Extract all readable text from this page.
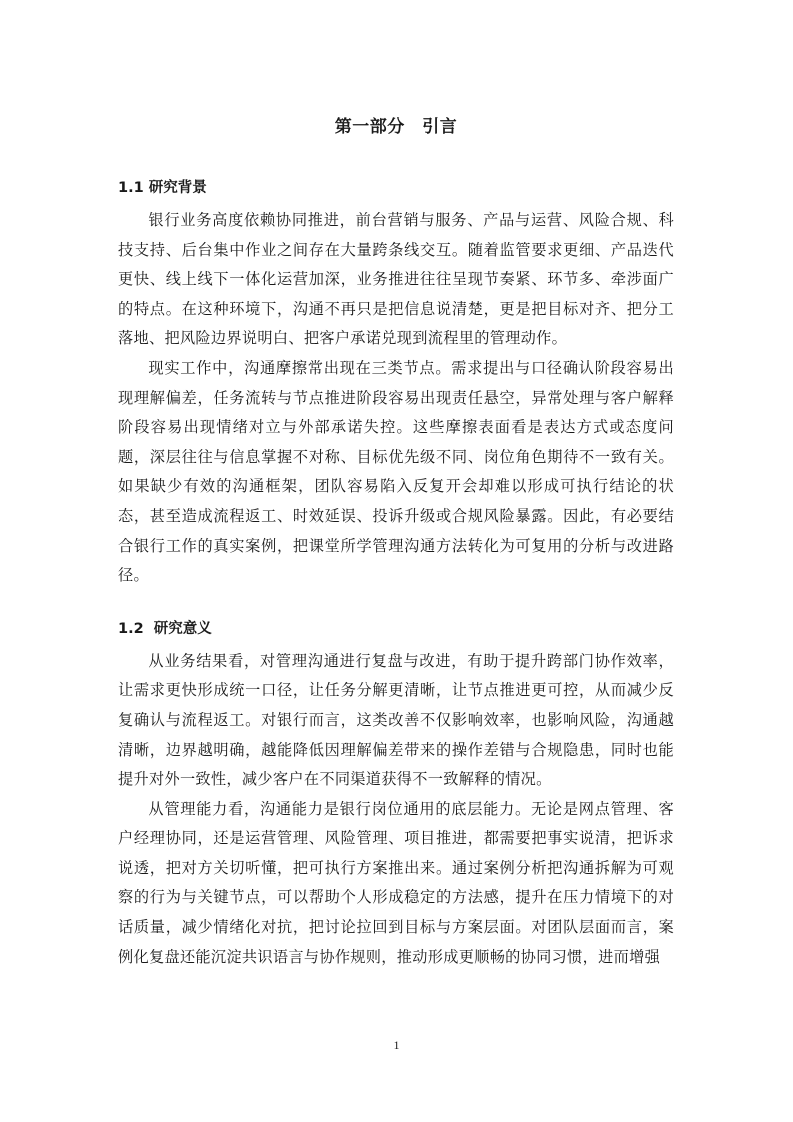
第一部分　引言
1.1 研究背景

银行业务高度依赖协同推进，前台营销与服务、产品与运营、风险合规、科技支持、后台集中作业之间存在大量跨条线交互。随着监管要求更细、产品迭代更快、线上线下一体化运营加深，业务推进往往呈现节奏紧、环节多、牵涉面广的特点。在这种环境下，沟通不再只是把信息说清楚，更是把目标对齐、把分工落地、把风险边界说明白、把客户承诺兑现到流程里的管理动作。

现实工作中，沟通摩擦常出现在三类节点。需求提出与口径确认阶段容易出现理解偏差，任务流转与节点推进阶段容易出现责任悬空，异常处理与客户解释阶段容易出现情绪对立与外部承诺失控。这些摩擦表面看是表达方式或态度问题，深层往往与信息掌握不对称、目标优先级不同、岗位角色期待不一致有关。如果缺少有效的沟通框架，团队容易陷入反复开会却难以形成可执行结论的状态，甚至造成流程返工、时效延误、投诉升级或合规风险暴露。因此，有必要结合银行工作的真实案例，把课堂所学管理沟通方法转化为可复用的分析与改进路径。

1.2  研究意义

从业务结果看，对管理沟通进行复盘与改进，有助于提升跨部门协作效率，让需求更快形成统一口径，让任务分解更清晰，让节点推进更可控，从而减少反复确认与流程返工。对银行而言，这类改善不仅影响效率，也影响风险，沟通越清晰，边界越明确，越能降低因理解偏差带来的操作差错与合规隐患，同时也能提升对外一致性，减少客户在不同渠道获得不一致解释的情况。

从管理能力看，沟通能力是银行岗位通用的底层能力。无论是网点管理、客户经理协同，还是运营管理、风险管理、项目推进，都需要把事实说清，把诉求说透，把对方关切听懂，把可执行方案推出来。通过案例分析把沟通拆解为可观察的行为与关键节点，可以帮助个人形成稳定的方法感，提升在压力情境下的对话质量，减少情绪化对抗，把讨论拉回到目标与方案层面。对团队层面而言，案例化复盘还能沉淀共识语言与协作规则，推动形成更顺畅的协同习惯，进而增强

1
